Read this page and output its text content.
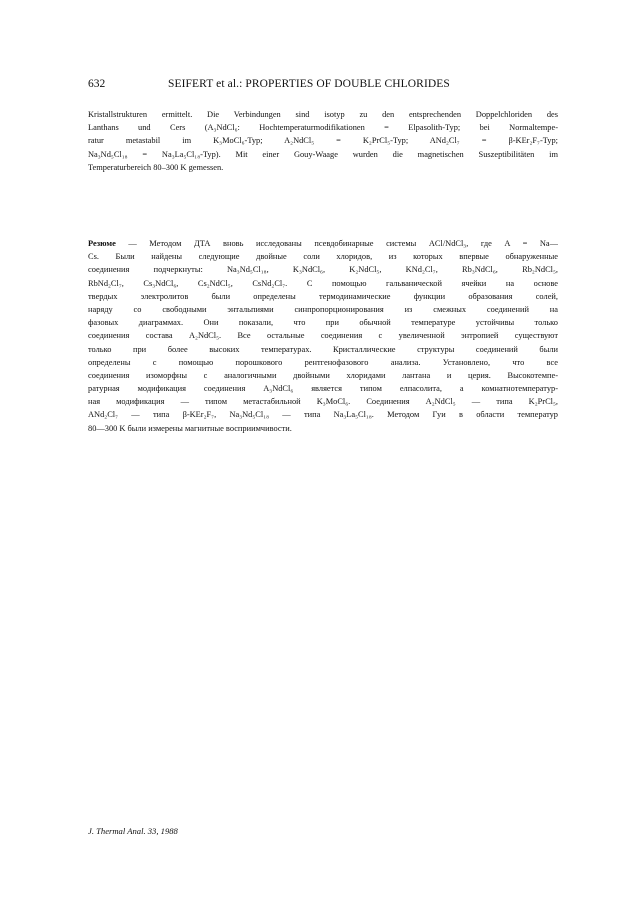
632	SEIFERT et al.: PROPERTIES OF DOUBLE CHLORIDES
Kristallstrukturen ermittelt. Die Verbindungen sind isotyp zu den entsprechenden Doppelchloriden des
Lanthans und Cers (A₃NdCl₆: Hochtemperaturmodifikationen = Elpasolith-Typ; bei Normaltempe-
ratur metastabil im K₃MoCl₆-Typ; A₂NdCl₅ = K₂PrCl₅-Typ; ANd₂Cl₇ = β-KEr₂F₇-Typ;
Na₃Nd₅Cl₁₈ = Na₃La₅Cl₁₈-Typ). Mit einer Gouy-Waage wurden die magnetischen Suszeptibilitäten im
Temperaturbereich 80–300 K gemessen.
Резюме — Методом ДТА вновь исследованы псевдобинарные системы ACl/NdCl₃, где A = Na—
Cs. Были найдены следующие двойные соли хлоридов, из которых впервые обнаруженные
соединения подчеркнуты: Na₃Nd₅Cl₁₈, K₃NdCl₆, K₂NdCl₅, KNd₂Cl₇, Rb₃NdCl₆, Rb₂NdCl₅,
RbNd₂Cl₇, Cs₃NdCl₆, Cs₂NdCl₅, CsNd₂Cl₇. С помощью гальванической ячейки на основе
твердых электролитов были определены термодинамические функции образования солей,
наряду со свободными энтальпиями синпропорционирования из смежных соединений на
фазовых диаграммах. Они показали, что при обычной температуре устойчивы только
соединения состава A₂NdCl₅. Все остальные соединения с увеличенной энтропией существуют
только при более высоких температурах. Кристаллические структуры соединений были
определены с помощью порошкового рентгенофазового анализа. Установлено, что все
соединения изоморфны с аналогичными двойными хлоридами лантана и церия. Высокотемпе-
ратурная модификация соединения A₃NdCl₆ является типом елпасолита, а комнатнотемператур-
ная модификация — типом метастабильной K₃MoCl₆. Соединения A₂NdCl₅ — типа K₂PrCl₅,
ANd₂Cl₇ — типа β-KEr₂F₇, Na₃Nd₅Cl₁₈ — типа Na₃La₅Cl₁₈. Методом Гуи в области температур
80—300 K были измерены магнитные восприимчивости.
J. Thermal Anal. 33, 1988
